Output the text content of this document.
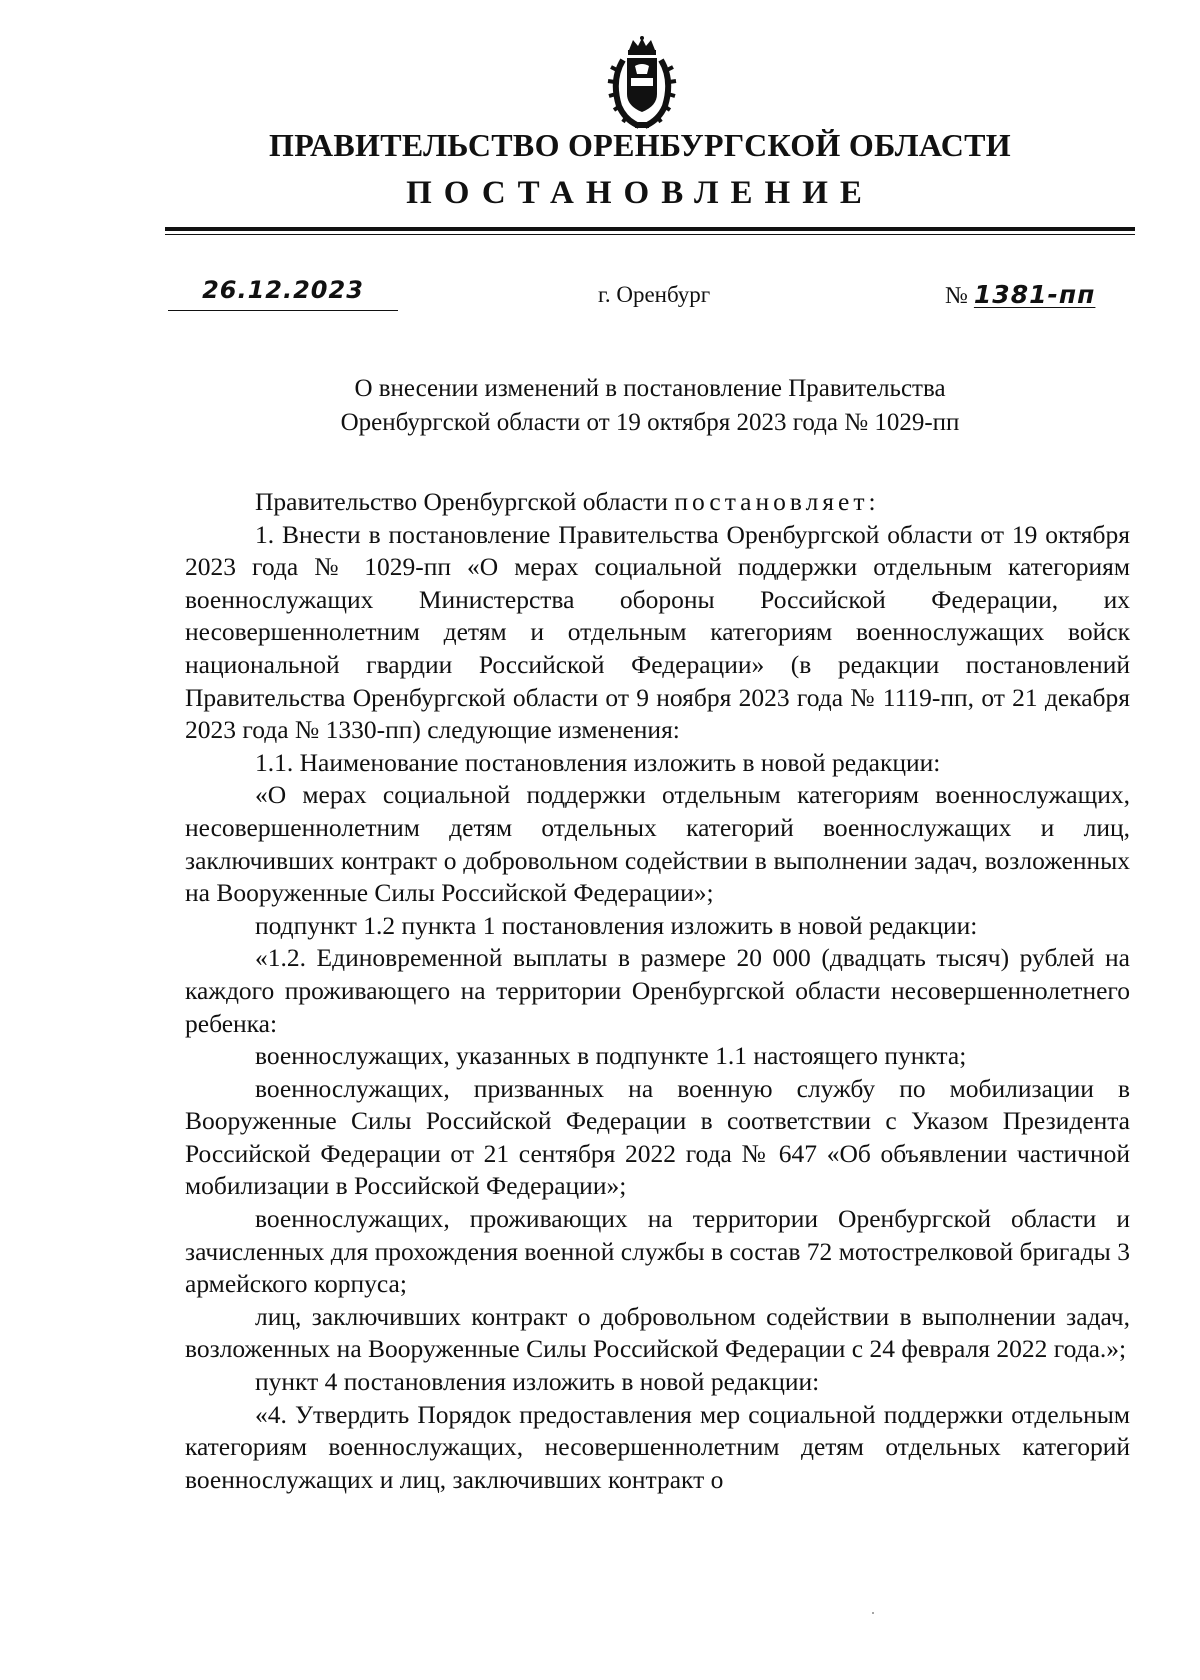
ПРАВИТЕЛЬСТВО ОРЕНБУРГСКОЙ ОБЛАСТИ
ПОСТАНОВЛЕНИЕ
26.12.2023	г. Оренбург	№ 1381-пп
О внесении изменений в постановление Правительства
Оренбургской области от 19 октября 2023 года № 1029-пп

Правительство Оренбургской области постановляет:

1. Внести в постановление Правительства Оренбургской области от 19 октября 2023 года № 1029-пп «О мерах социальной поддержки отдельным категориям военнослужащих Министерства обороны Российской Федерации, их несовершеннолетним детям и отдельным категориям военнослужащих войск национальной гвардии Российской Федерации» (в редакции постановлений Правительства Оренбургской области от 9 ноября 2023 года № 1119-пп, от 21 декабря 2023 года № 1330-пп) следующие изменения:

1.1. Наименование постановления изложить в новой редакции:

«О мерах социальной поддержки отдельным категориям военнослужащих, несовершеннолетним детям отдельных категорий военнослужащих и лиц, заключивших контракт о добровольном содействии в выполнении задач, возложенных на Вооруженные Силы Российской Федерации»;

подпункт 1.2 пункта 1 постановления изложить в новой редакции:

«1.2. Единовременной выплаты в размере 20 000 (двадцать тысяч) рублей на каждого проживающего на территории Оренбургской области несовершеннолетнего ребенка:

военнослужащих, указанных в подпункте 1.1 настоящего пункта;

военнослужащих, призванных на военную службу по мобилизации в Вооруженные Силы Российской Федерации в соответствии с Указом Президента Российской Федерации от 21 сентября 2022 года № 647 «Об объявлении частичной мобилизации в Российской Федерации»;

военнослужащих, проживающих на территории Оренбургской области и зачисленных для прохождения военной службы в состав 72 мотострелковой бригады 3 армейского корпуса;

лиц, заключивших контракт о добровольном содействии в выполнении задач, возложенных на Вооруженные Силы Российской Федерации с 24 февраля 2022 года.»;

пункт 4 постановления изложить в новой редакции:

«4. Утвердить Порядок предоставления мер социальной поддержки отдельным категориям военнослужащих, несовершеннолетним детям отдельных категорий военнослужащих и лиц, заключивших контракт о
